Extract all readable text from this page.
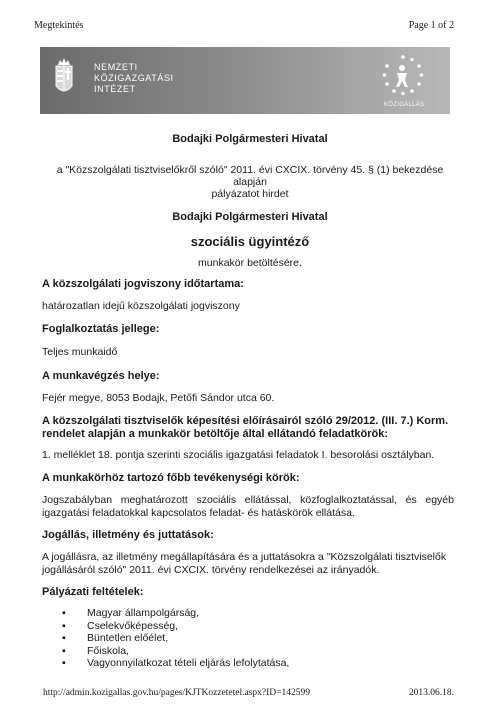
Megtekintés	Page 1 of 2
NEMZETI
KÖZIGAZGATÁSI
INTÉZET
KÖZIGÁLLÁS
Bodajki Polgármesteri Hivatal
a "Közszolgálati tisztviselőkről szóló" 2011. évi CXCIX. törvény 45. § (1) bekezdése
alapján
pályázatot hirdet
Bodajki Polgármesteri Hivatal
szociális ügyintéző
munkakör betöltésére.
A közszolgálati jogviszony időtartama:
határozatlan idejű közszolgálati jogviszony
Foglalkoztatás jellege:
Teljes munkaidő
A munkavégzés helye:
Fejér megye, 8053 Bodajk, Petőfi Sándor utca 60.
A közszolgálati tisztviselők képesítési előírásairól szóló 29/2012. (III. 7.) Korm. rendelet alapján a munkakör betöltője által ellátandó feladatkörök:
1. melléklet 18. pontja szerinti szociális igazgatási feladatok I. besorolási osztályban.
A munkakörhöz tartozó főbb tevékenységi körök:
Jogszabályban meghatározott szociális ellátással, közfoglalkoztatással, és egyéb igazgatási feladatokkal kapcsolatos feladat- és hatáskörök ellátása.
Jogállás, illetmény és juttatások:
A jogállásra, az illetmény megállapítására és a juttatásokra a "Közszolgálati tisztviselők jogállásáról szóló" 2011. évi CXCIX. törvény rendelkezései az irányadók.
Pályázati feltételek:
▪ Magyar állampolgárság,
▪ Cselekvőképesség,
▪ Büntetlen előélet,
▪ Főiskola,
▪ Vagyonnyilatkozat tételi eljárás lefolytatása,
http://admin.kozigallas.gov.hu/pages/KJTKozzetetel.aspx?ID=142599	2013.06.18.
